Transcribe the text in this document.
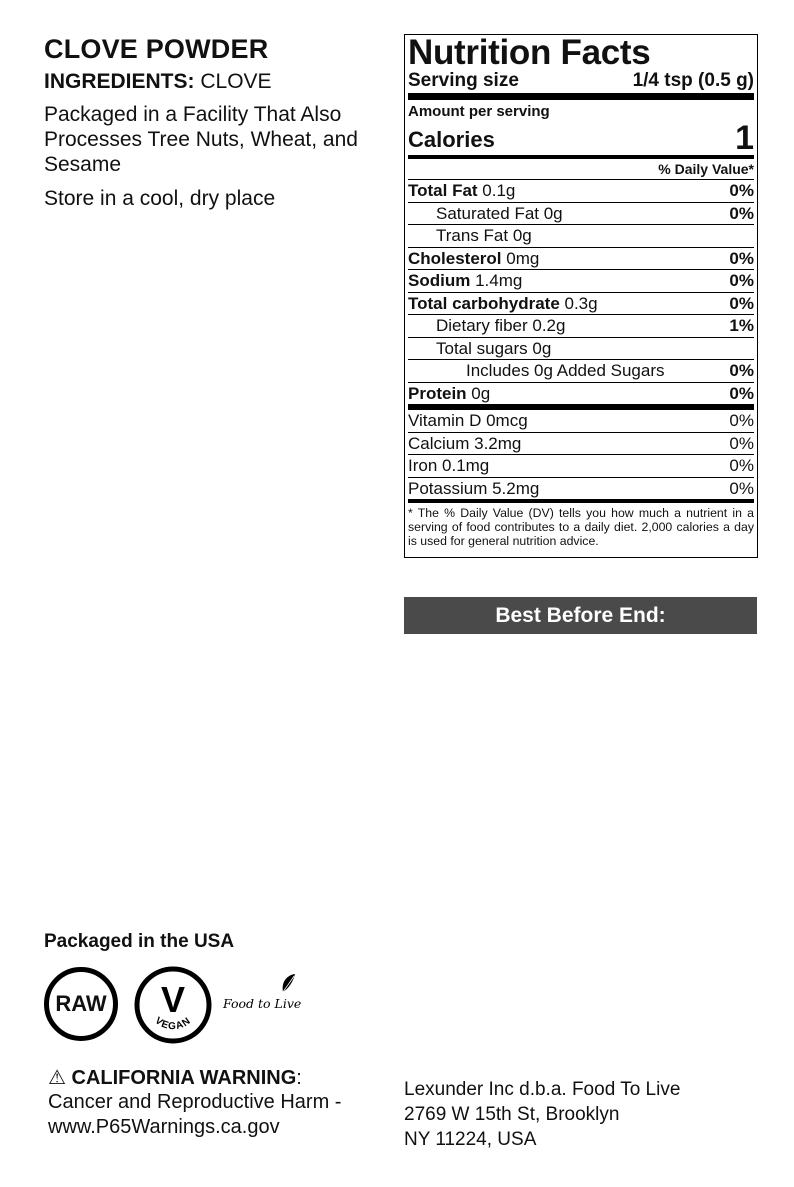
CLOVE POWDER
INGREDIENTS: CLOVE
Packaged in a Facility That Also Processes Tree Nuts, Wheat, and Sesame
Store in a cool, dry place
Nutrition Facts
Serving size	1/4 tsp (0.5 g)
Amount per serving
Calories	1
% Daily Value*
Total Fat 0.1g	0%
Saturated Fat 0g	0%
Trans Fat 0g
Cholesterol 0mg	0%
Sodium 1.4mg	0%
Total carbohydrate 0.3g	0%
Dietary fiber 0.2g	1%
Total sugars 0g
Includes 0g Added Sugars	0%
Protein 0g	0%
Vitamin D 0mcg	0%
Calcium 3.2mg	0%
Iron 0.1mg	0%
Potassium 5.2mg	0%
* The % Daily Value (DV) tells you how much a nutrient in a serving of food contributes to a daily diet. 2,000 calories a day is used for general nutrition advice.
Best Before End:
Packaged in the USA
RAW	V
VEGAN
Food to Live
⚠ CALIFORNIA WARNING:
Cancer and Reproductive Harm -
www.P65Warnings.ca.gov
Lexunder Inc d.b.a. Food To Live
2769 W 15th St, Brooklyn
NY 11224, USA
